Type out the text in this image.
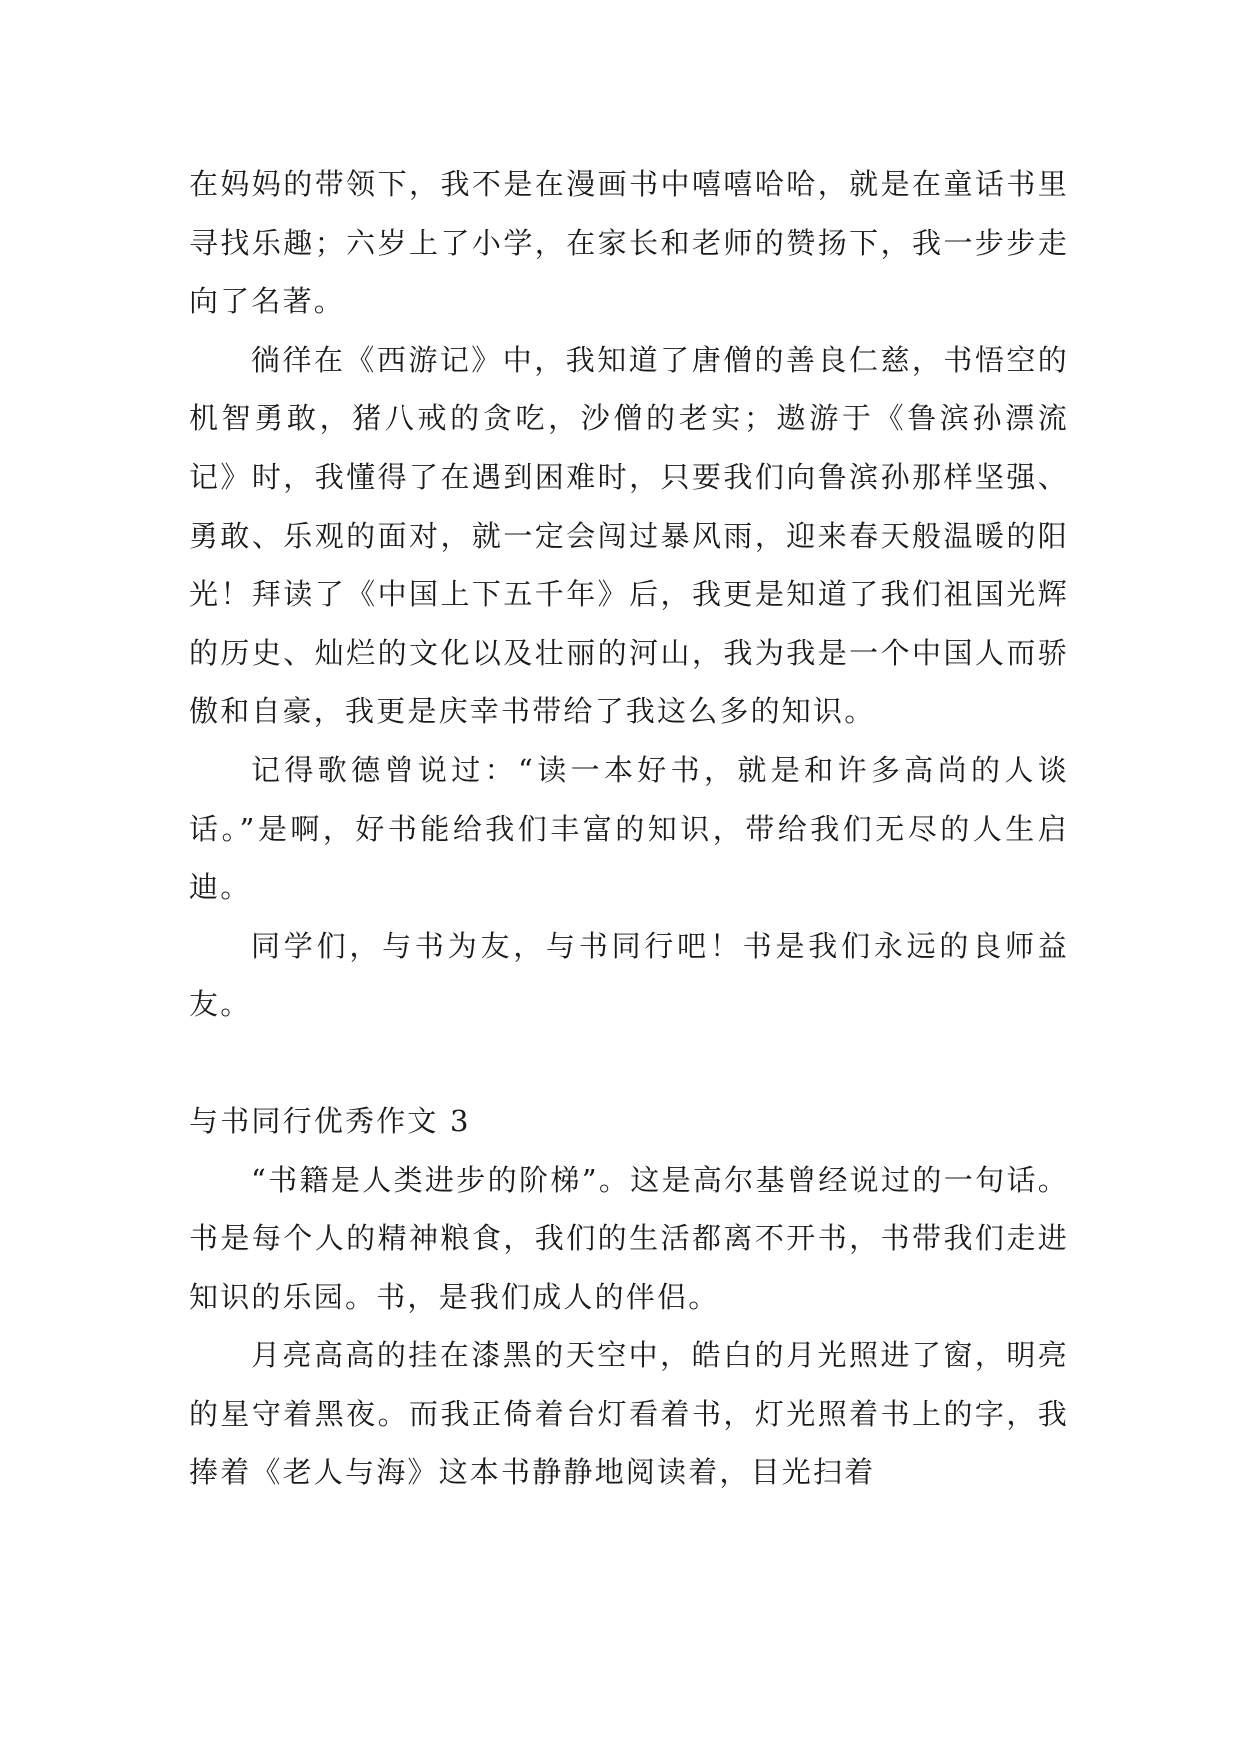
在妈妈的带领下，我不是在漫画书中嘻嘻哈哈，就是在童话书里寻找乐趣；六岁上了小学，在家长和老师的赞扬下，我一步步走向了名著。

徜徉在《西游记》中，我知道了唐僧的善良仁慈，书悟空的机智勇敢，猪八戒的贪吃，沙僧的老实；遨游于《鲁滨孙漂流记》时，我懂得了在遇到困难时，只要我们向鲁滨孙那样坚强、勇敢、乐观的面对，就一定会闯过暴风雨，迎来春天般温暖的阳光！拜读了《中国上下五千年》后，我更是知道了我们祖国光辉的历史、灿烂的文化以及壮丽的河山，我为我是一个中国人而骄傲和自豪，我更是庆幸书带给了我这么多的知识。

记得歌德曾说过：“读一本好书，就是和许多高尚的人谈话。”是啊，好书能给我们丰富的知识，带给我们无尽的人生启迪。

同学们，与书为友，与书同行吧！书是我们永远的良师益友。

与书同行优秀作文 3

“书籍是人类进步的阶梯”。这是高尔基曾经说过的一句话。书是每个人的精神粮食，我们的生活都离不开书，书带我们走进知识的乐园。书，是我们成人的伴侣。

月亮高高的挂在漆黑的天空中，皓白的月光照进了窗，明亮的星守着黑夜。而我正倚着台灯看着书，灯光照着书上的字，我捧着《老人与海》这本书静静地阅读着，目光扫着
